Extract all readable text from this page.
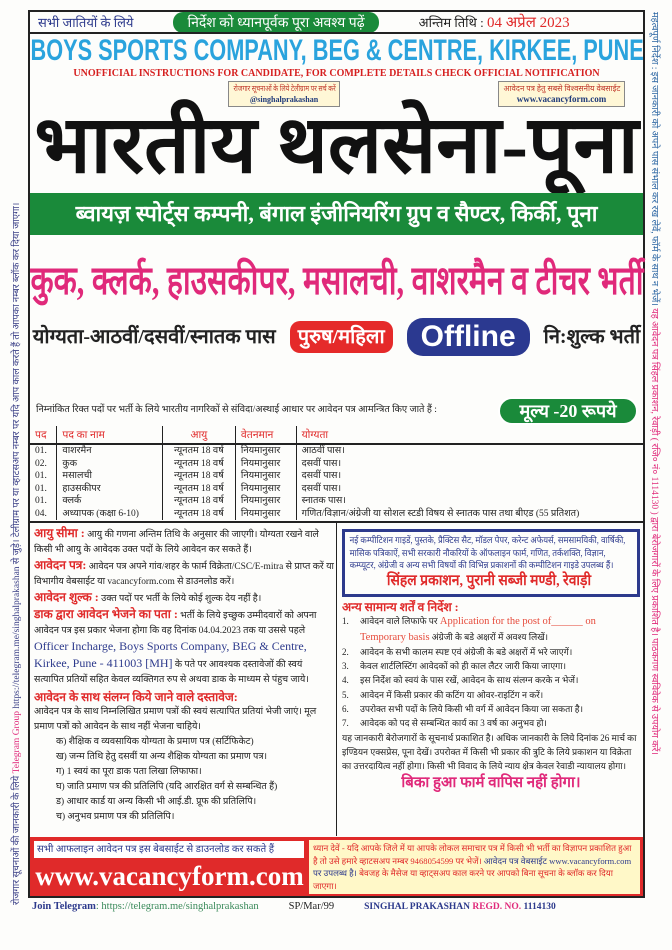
रोजगार सूचनाओं की जानकारी के लिये Telegram Group https://telegram.me/singhalprakashan से जुड़े। टेलीग्राम पर या व्हाटसअप नम्बर पर यदि आप काल करते हैं तो आपका नम्बर ब्लॉक कर दिया जाएगा।
महत्वपूर्ण निर्देश : इस जानकारी को अपने पास संभाल कर रख लेवें, फॉर्म के साथ न भेजें। यह आवेदन पत्र सिंहल प्रकाशन, रेवाड़ी ( रजि० नं० 1114130 ) द्वारा बेरोजगारों के लिए प्रकाशित है। पाठकगण स्वविवेक से उपयोग करें।
सभी जातियों के लिये	निर्देश को ध्यानपूर्वक पूरा अवश्य पढ़ें	अन्तिम तिथि : 04 अप्रेल 2023
BOYS SPORTS COMPANY, BEG & CENTRE, KIRKEE, PUNE
UNOFFICIAL INSTRUCTIONS FOR CANDIDATE, FOR COMPLETE DETAILS CHECK OFFICIAL NOTIFICATION
रोजगार सूचनाओं के लिये टेलीग्राम पर सर्च करें
@singhalprakashan
आवेदन पत्र हेतु सबसे विश्वसनीय वेबसाईट
www.vacancyform.com
भारतीय थलसेना-पूना
ब्वायज़ स्पोर्ट्स कम्पनी, बंगाल इंजीनियरिंग ग्रुप व सैण्टर, किर्की, पूना
कुक, क्लर्क, हाउसकीपर, मसालची, वाशरमैन व टीचर भर्ती
योग्यता-आठवीं/दसवीं/स्नातक पास	पुरुष/महिला	Offline	नि:शुल्क भर्ती
निम्नांकित रिक्त पदों पर भर्ती के लिये भारतीय नागरिकों से संविदा/अस्थाई आधार पर आवेदन पत्र आमन्त्रित किए जाते हैं :	मूल्य -20 रूपये
पद	पद का नाम	आयु	वेतनमान	योग्यता
01.	वाशरमैन	न्यूनतम 18 वर्ष	नियमानुसार	आठवीं पास।
02.	कुक	न्यूनतम 18 वर्ष	नियमानुसार	दसवीं पास।
01.	मसालची	न्यूनतम 18 वर्ष	नियमानुसार	दसवीं पास।
01.	हाउसकीपर	न्यूनतम 18 वर्ष	नियमानुसार	दसवीं पास।
01.	क्लर्क	न्यूनतम 18 वर्ष	नियमानुसार	स्नातक पास।
04.	अध्यापक (कक्षा 6-10)	न्यूनतम 18 वर्ष	नियमानुसार	गणित/विज्ञान/अंग्रेजी या सोशल स्टडी विषय से स्नातक पास तथा बीएड (55 प्रतिशत)
आयु सीमा : आयु की गणना अन्तिम तिथि के अनुसार की जाएगी। योग्यता रखने वाले किसी भी आयु के आवेदक उक्त पदों के लिये आवेदन कर सकते हैं।
आवेदन पत्र: आवेदन पत्र अपने गांव/शहर के फार्म विक्रेता/CSC/E-mitra से प्राप्त करें या विभागीय वेबसाईट या vacancyform.com से डाउनलोड करें।
आवेदन शुल्क : उक्त पदों पर भर्ती के लिये कोई शुल्क देय नहीं है।
डाक द्वारा आवेदन भेजने का पता : भर्ती के लिये इच्छुक उम्मीदवारों को अपना आवेदन पत्र इस प्रकार भेजना होगा कि वह दिनांक 04.04.2023 तक या उससे पहले Officer Incharge, Boys Sports Company, BEG & Centre, Kirkee, Pune - 411003 [MH] के पते पर आवश्यक दस्तावेजों की स्वयं सत्यापित प्रतियों सहित केवल व्यक्तिगत रुप से अथवा डाक के माध्यम से पंहुच जाये।
आवेदन के साथ संलग्न किये जाने वाले दस्तावेज:
आवेदन पत्र के साथ निम्नलिखित प्रमाण पत्रों की स्वयं सत्यापित प्रतियां भेजी जाएं। मूल प्रमाण पत्रों को आवेदन के साथ नहीं भेजना चाहिये।
क) शैक्षिक व व्यवसायिक योग्यता के प्रमाण पत्र (सर्टिफिकेट)
ख) जन्म तिथि हेतु दसवीं या अन्य शैक्षिक योग्यता का प्रमाण पत्र।
ग) 1 स्वयं का पूरा डाक पता लिखा लिफाफा।
घ) जाति प्रमाण पत्र की प्रतिलिपि (यदि आरक्षित वर्ग से सम्बन्धित हैं)
ड) आधार कार्ड या अन्य किसी भी आई.डी. प्रूफ की प्रतिलिपि।
च) अनुभव प्रमाण पत्र की प्रतिलिपि।
नई कम्पीटिशन गाइडें, पुस्तके, प्रैक्टिस सैट, मॉडल पेपर, करेन्ट अफेयर्स, समसामयिकी, वार्षिकी, मासिक पत्रिकाऐं, सभी सरकारी नौकरियों के ऑफलाइन फार्म, गणित, तर्कशक्ति, विज्ञान, कम्प्यूटर, अंग्रेजी व अन्य सभी विषयों की विभिन्न प्रकाशनों की कम्पीटिशन गाइडे उपलब्ध हैं।
सिंहल प्रकाशन, पुरानी सब्जी मण्डी, रेवाड़ी
अन्य सामान्य शर्तें व निर्देश :
1.	आवेदन वाले लिफाफे पर Application for the post of______ on Temporary basis अंग्रेजी के बडे अक्षरों में अवश्य लिखें।
2.	आवेदन के सभी कालम स्पष्ट एवं अंग्रेजी के बडे अक्षरों में भरे जाएगें।
3.	केवल शार्टलिस्टिंग आवेदकों को ही काल लैटर जारी किया जाएगा।
4.	इस निर्देश को स्वयं के पास रखें, आवेदन के साथ संलग्न करके न भेजें।
5.	आवेदन में किसी प्रकार की कटिंग या ओवर-राइटिंग न करें।
6.	उपरोक्त सभी पदों के लिये किसी भी वर्ग में आवेदन किया जा सकता है।
7.	आवेदक को पद से सम्बन्धित कार्य का 3 वर्ष का अनुभव हो।
यह जानकारी बेरोजगारों के सूचनार्थ प्रकाशित है। अधिक जानकारी के लिये दिनांक 26 मार्च का इण्डियन एक्सप्रेस, पूना देखें। उपरोक्त में किसी भी प्रकार की त्रुटि के लिये प्रकाशन या विक्रेता का उत्तरदायित्व नहीं होगा। किसी भी विवाद के लिये न्याय क्षेत्र केवल रेवाडी न्यायालय होगा।
बिका हुआ फार्म वापिस नहीं होगा।
सभी आफलाइन आवेदन पत्र इस बेबसाईट से डाउनलोड कर सकते हैं
www.vacancyform.com
ध्यान देवें - यदि आपके जिले में या आपके लोकल समाचार पत्र में किसी भी भर्ती का विज्ञापन प्रकाशित हुआ है तो उसे हमारे व्हाटसअप नम्बर 9468054599 पर भेजें। आवेदन पत्र वेबसाईट www.vacancyform.com पर उपलब्ध है। बेवजह के मैसेज या व्हाट्सअप काल करने पर आपको बिना सूचना के ब्लॉक कर दिया जाएगा।
Join Telegram: https://telegram.me/singhalprakashan	SP/Mar/99	SINGHAL PRAKASHAN REGD. NO. 1114130
